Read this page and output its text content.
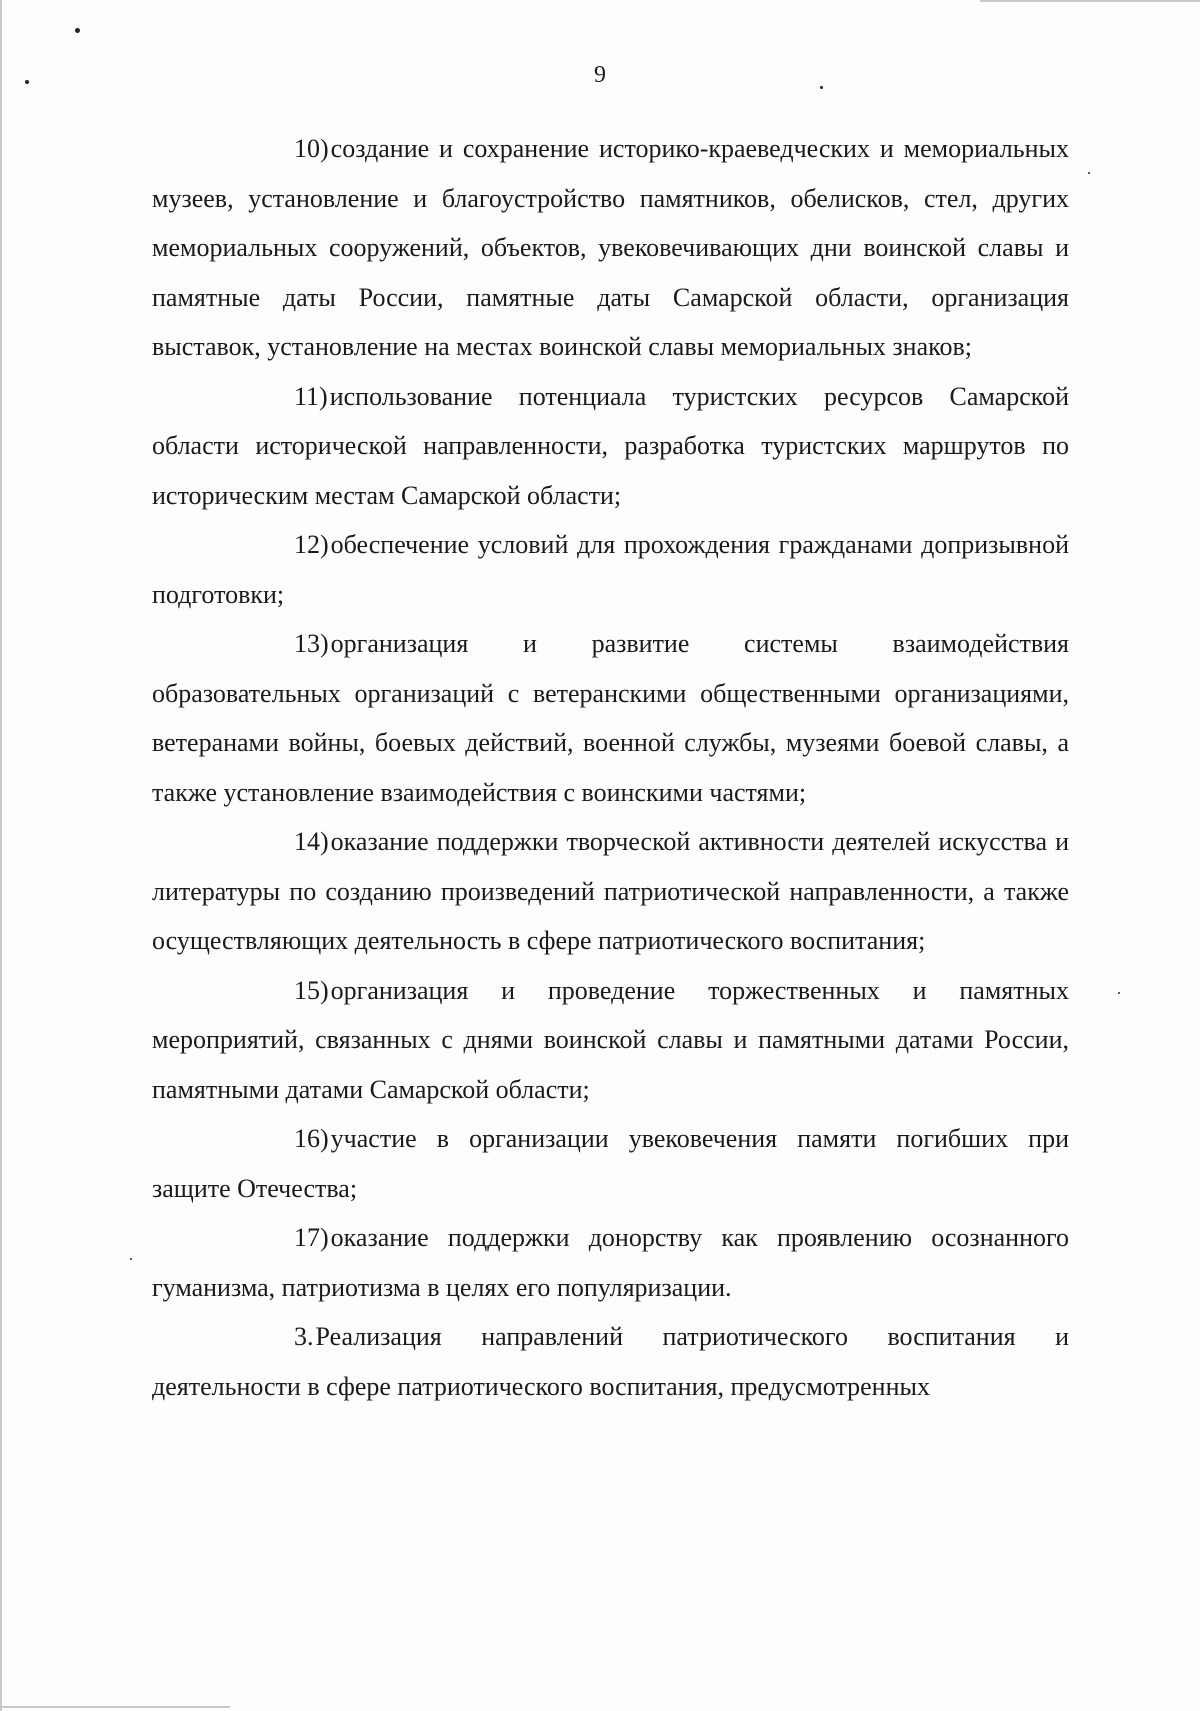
9

10)создание и сохранение историко-краеведческих и мемориальных музеев, установление и благоустройство памятников, обелисков, стел, других мемориальных сооружений, объектов, увековечивающих дни воинской славы и памятные даты России, памятные даты Самарской области, организация выставок, установление на местах воинской славы мемориальных знаков;

11)использование потенциала туристских ресурсов Самарской области исторической направленности, разработка туристских маршрутов по историческим местам Самарской области;

12)обеспечение условий для прохождения гражданами допризывной подготовки;

13)организация и развитие системы взаимодействия образовательных организаций с ветеранскими общественными организациями, ветеранами войны, боевых действий, военной службы, музеями боевой славы, а также установление взаимодействия с воинскими частями;

14)оказание поддержки творческой активности деятелей искусства и литературы по созданию произведений патриотической направленности, а также осуществляющих деятельность в сфере патриотического воспитания;

15)организация и проведение торжественных и памятных мероприятий, связанных с днями воинской славы и памятными датами России, памятными датами Самарской области;

16)участие в организации увековечения памяти погибших при защите Отечества;

17)оказание поддержки донорству как проявлению осознанного гуманизма, патриотизма в целях его популяризации.

3.Реализация направлений патриотического воспитания и деятельности в сфере патриотического воспитания, предусмотренных
